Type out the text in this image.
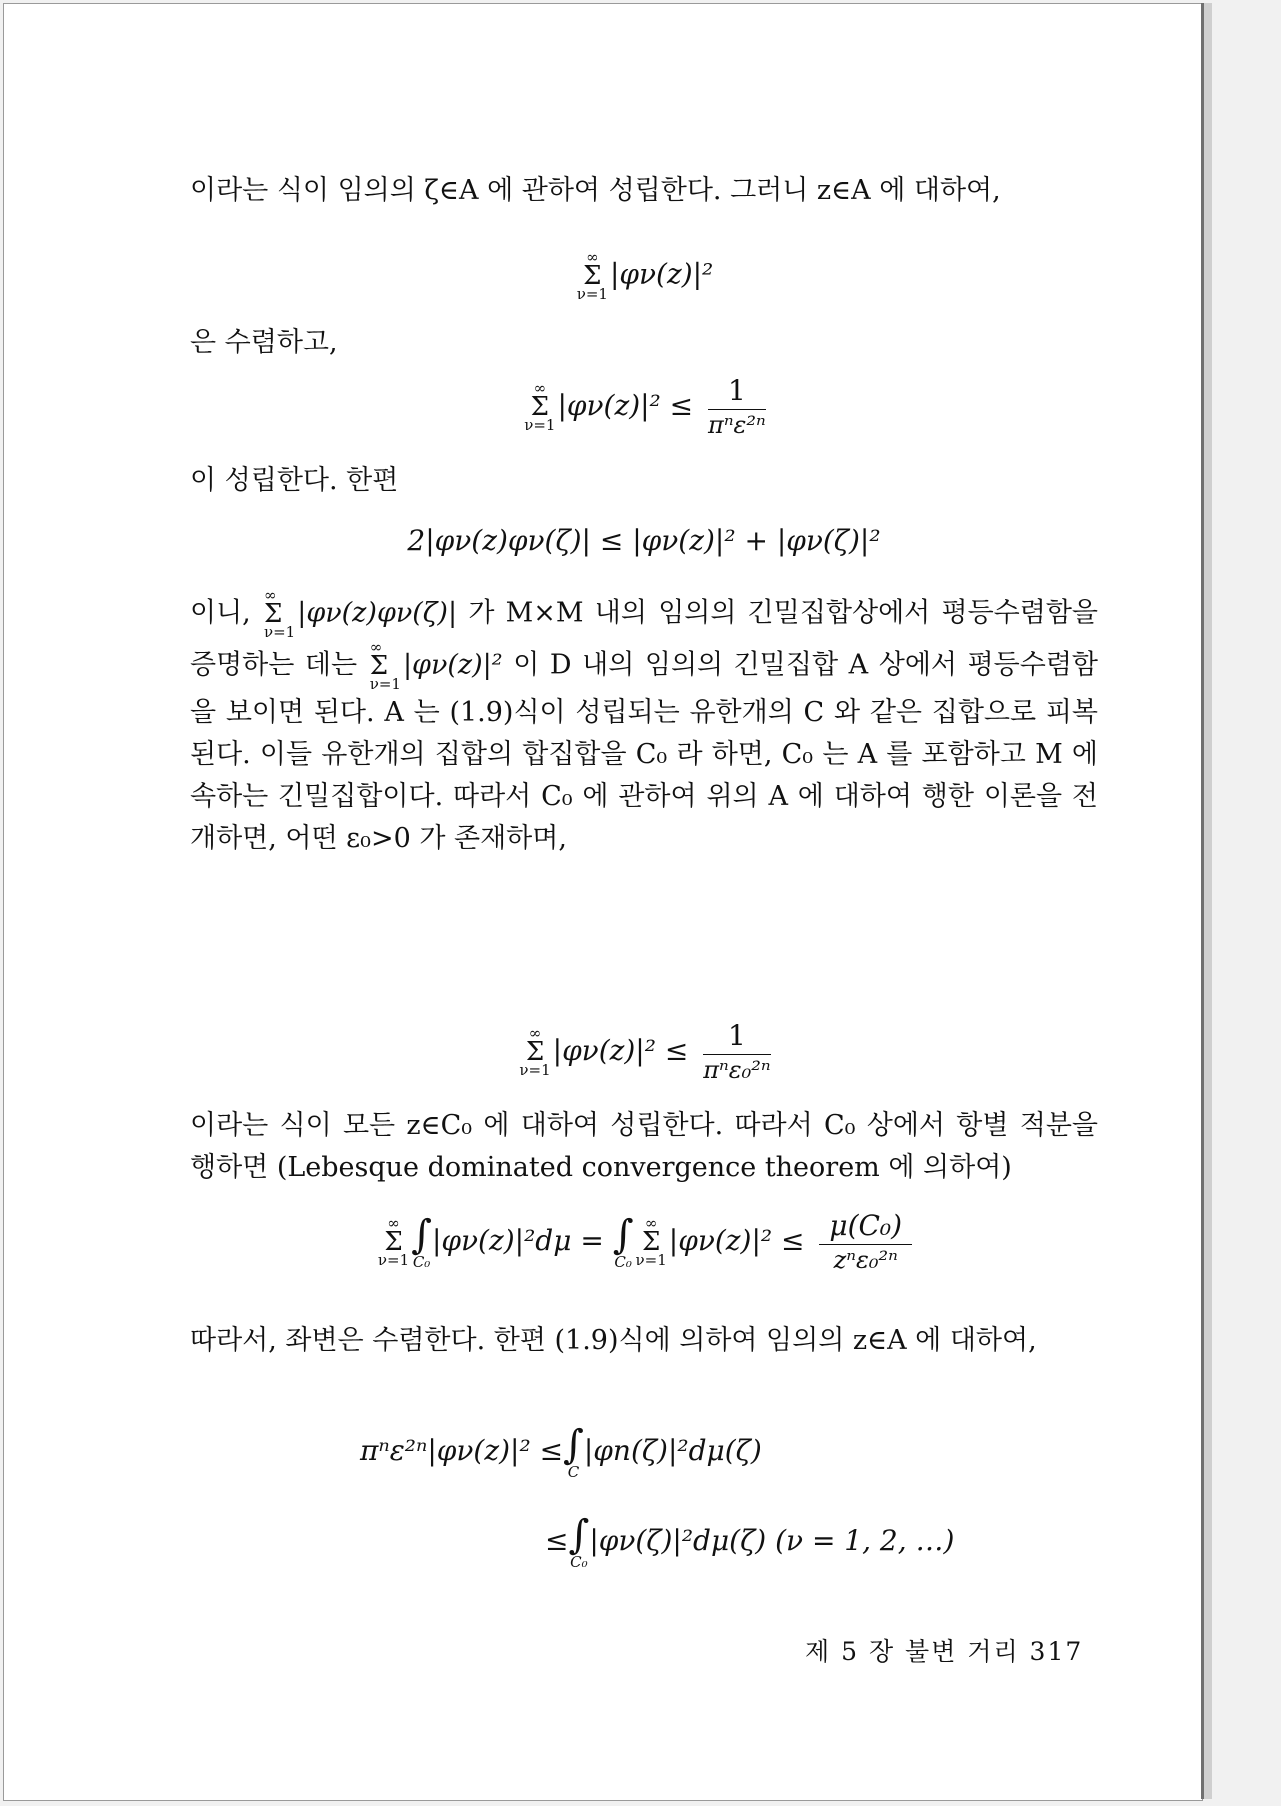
이라는 식이 임의의 ζ∈A 에 관하여 성립한다. 그러니 z∈A 에 대하여,
∞
Σ
ν=1
|φν(z)|²
은 수렴하고,
∞
Σ
ν=1
$|\varphi\nu(z)|^2 \le \frac{1}{\text{πⁿε²ⁿ}}$
이 성립한다. 한편
2|φν(z)φν(ζ)| ≤ |φν(z)|² + |φν(ζ)|²
이니,
∞
Σ
ν=1
|φν(z)φν(ζ)| 가 M×M 내의 임의의 긴밀집합상에서 평등수렴함을 증명하는 데는
∞
Σ
ν=1
|φν(z)|² 이 D 내의 임의의 긴밀집합 A 상에서 평등수렴함을 보이면 된다. A 는 (1.9)식이 성립되는 유한개의 C 와 같은 집합으로 피복된다. 이들 유한개의 집합의 합집합을 C₀ 라 하면, C₀ 는 A 를 포함하고 M 에 속하는 긴밀집합이다. 따라서 C₀ 에 관하여 위의 A 에 대하여 행한 이론을 전개하면, 어떤 ε₀>0 가 존재하며,
∞
Σ
ν=1
$|\varphi\nu(z)|^2 \le \frac{1}{\text{πⁿε₀²ⁿ}}$
이라는 식이 모든 z∈C₀ 에 대하여 성립한다. 따라서 C₀ 상에서 항별 적분을 행하면 (Lebesque dominated convergence theorem 에 의하여)
∞
Σ
ν=1
∫
C₀
|φν(z)|²dμ = ∫
C₀
∞
Σ
ν=1
$|\varphi\nu(z)|^2 \le \frac{\text{μ(C₀)}}{\text{zⁿε₀²ⁿ}}$
따라서, 좌변은 수렴한다. 한편 (1.9)식에 의하여 임의의 z∈A 에 대하여,
πⁿε²ⁿ|φν(z)|² ≤ ∫
C
|φn(ζ)|²dμ(ζ)
≤ ∫
C₀
|φν(ζ)|²dμ(ζ) (ν = 1, 2, …)
제 5 장 불변 거리 317
